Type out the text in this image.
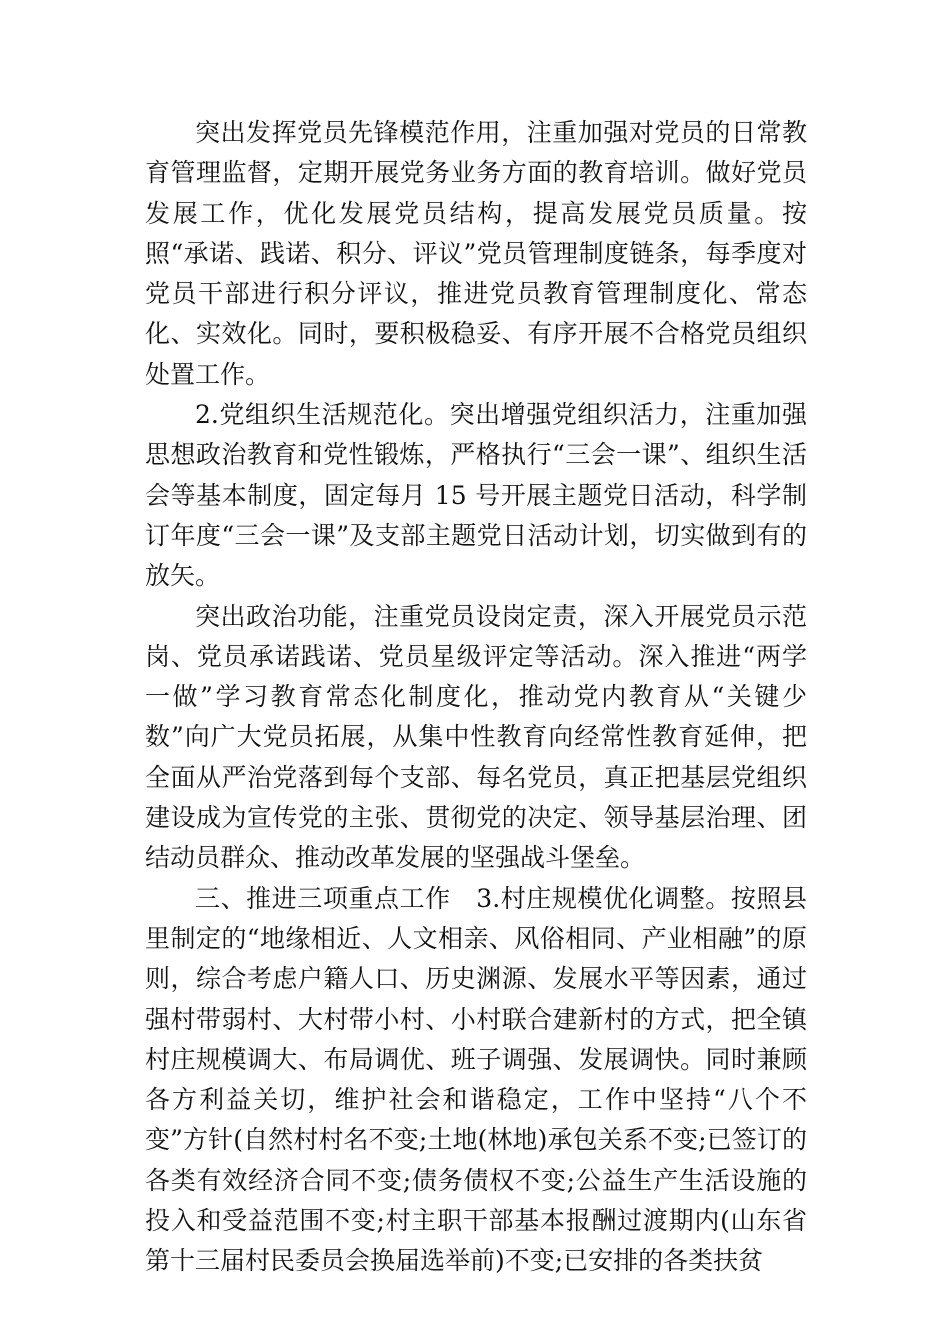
突出发挥党员先锋模范作用，注重加强对党员的日常教育管理监督，定期开展党务业务方面的教育培训。做好党员发展工作，优化发展党员结构，提高发展党员质量。按照“承诺、践诺、积分、评议”党员管理制度链条，每季度对党员干部进行积分评议，推进党员教育管理制度化、常态化、实效化。同时，要积极稳妥、有序开展不合格党员组织处置工作。

2.党组织生活规范化。突出增强党组织活力，注重加强思想政治教育和党性锻炼，严格执行“三会一课”、组织生活会等基本制度，固定每月 15 号开展主题党日活动，科学制订年度“三会一课”及支部主题党日活动计划，切实做到有的放矢。

突出政治功能，注重党员设岗定责，深入开展党员示范岗、党员承诺践诺、党员星级评定等活动。深入推进“两学一做”学习教育常态化制度化，推动党内教育从“关键少数”向广大党员拓展，从集中性教育向经常性教育延伸，把全面从严治党落到每个支部、每名党员，真正把基层党组织建设成为宣传党的主张、贯彻党的决定、领导基层治理、团结动员群众、推动改革发展的坚强战斗堡垒。

三、推进三项重点工作　3.村庄规模优化调整。按照县里制定的“地缘相近、人文相亲、风俗相同、产业相融”的原则，综合考虑户籍人口、历史渊源、发展水平等因素，通过强村带弱村、大村带小村、小村联合建新村的方式，把全镇村庄规模调大、布局调优、班子调强、发展调快。同时兼顾各方利益关切，维护社会和谐稳定，工作中坚持“八个不变”方针(自然村村名不变;土地(林地)承包关系不变;已签订的各类有效经济合同不变;债务债权不变;公益生产生活设施的投入和受益范围不变;村主职干部基本报酬过渡期内(山东省第十三届村民委员会换届选举前)不变;已安排的各类扶贫
